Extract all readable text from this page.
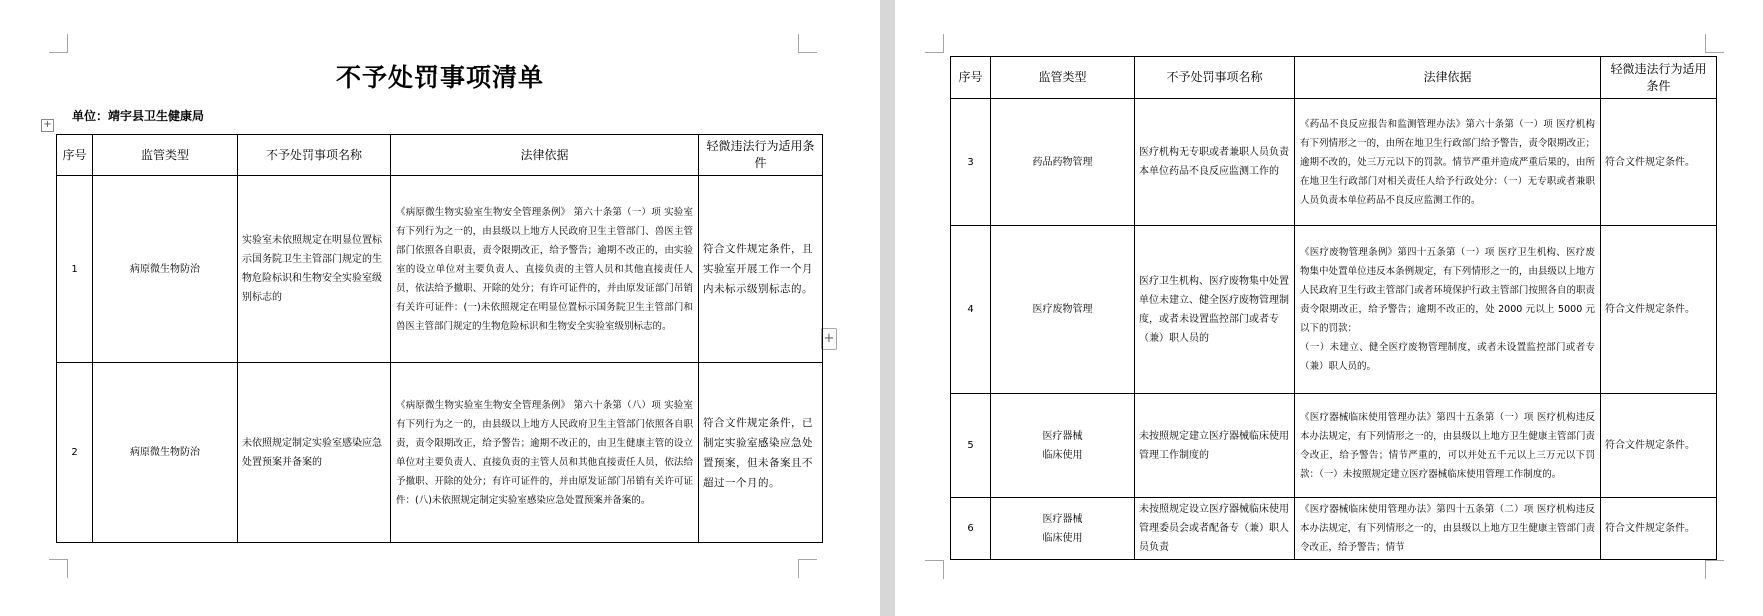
不予处罚事项清单
单位：靖宇县卫生健康局
+
+
序号	监管类型	不予处罚事项名称	法律依据	轻微违法行为适用条件
1	病原微生物防治	实验室未依照规定在明显位置标示国务院卫生主管部门规定的生物危险标识和生物安全实验室级别标志的	《病原微生物实验室生物安全管理条例》 第六十条第（一）项 实验室有下列行为之一的，由县级以上地方人民政府卫生主管部门、兽医主管部门依照各自职责，责令限期改正，给予警告；逾期不改正的，由实验室的设立单位对主要负责人、直接负责的主管人员和其他直接责任人员，依法给予撤职、开除的处分；有许可证件的，并由原发证部门吊销有关许可证件：(一)未依照规定在明显位置标示国务院卫生主管部门和兽医主管部门规定的生物危险标识和生物安全实验室级别标志的。	符合文件规定条件，且实验室开展工作一个月内未标示级别标志的。
2	病原微生物防治	未依照规定制定实验室感染应急处置预案并备案的	《病原微生物实验室生物安全管理条例》 第六十条第（八）项 实验室有下列行为之一的，由县级以上地方人民政府卫生主管部门依照各自职责，责令限期改正，给予警告；逾期不改正的，由卫生健康主管的设立单位对主要负责人、直接负责的主管人员和其他直接责任人员，依法给予撤职、开除的处分；有许可证件的，并由原发证部门吊销有关许可证件：(八)未依照规定制定实验室感染应急处置预案并备案的。	符合文件规定条件，已制定实验室感染应急处置预案，但未备案且不超过一个月的。
序号	监管类型	不予处罚事项名称	法律依据	轻微违法行为适用条件
3	药品药物管理	医疗机构无专职或者兼职人员负责本单位药品不良反应监测工作的	《药品不良反应报告和监测管理办法》第六十条第（一）项 医疗机构有下列情形之一的，由所在地卫生行政部门给予警告，责令限期改正；逾期不改的，处三万元以下的罚款。情节严重并造成严重后果的，由所在地卫生行政部门对相关责任人给予行政处分：（一）无专职或者兼职人员负责本单位药品不良反应监测工作的。	符合文件规定条件。
4	医疗废物管理	医疗卫生机构、医疗废物集中处置单位未建立、健全医疗废物管理制度，或者未设置监控部门或者专（兼）职人员的	《医疗废物管理条例》第四十五条第（一）项 医疗卫生机构、医疗废物集中处置单位违反本条例规定，有下列情形之一的，由县级以上地方人民政府卫生行政主管部门或者环境保护行政主管部门按照各自的职责责令限期改正，给予警告；逾期不改正的，处 2000 元以上 5000 元以下的罚款：
（一）未建立、健全医疗废物管理制度，或者未设置监控部门或者专（兼）职人员的。	符合文件规定条件。
5	医疗器械
临床使用	未按照规定建立医疗器械临床使用管理工作制度的	《医疗器械临床使用管理办法》第四十五条第（一）项 医疗机构违反本办法规定，有下列情形之一的，由县级以上地方卫生健康主管部门责令改正，给予警告；情节严重的，可以并处五千元以上三万元以下罚款：（一）未按照规定建立医疗器械临床使用管理工作制度的。	符合文件规定条件。
6	医疗器械
临床使用	未按照规定设立医疗器械临床使用管理委员会或者配备专（兼）职人员负责	《医疗器械临床使用管理办法》第四十五条第（二）项 医疗机构违反本办法规定，有下列情形之一的，由县级以上地方卫生健康主管部门责令改正，给予警告；情节	符合文件规定条件。
